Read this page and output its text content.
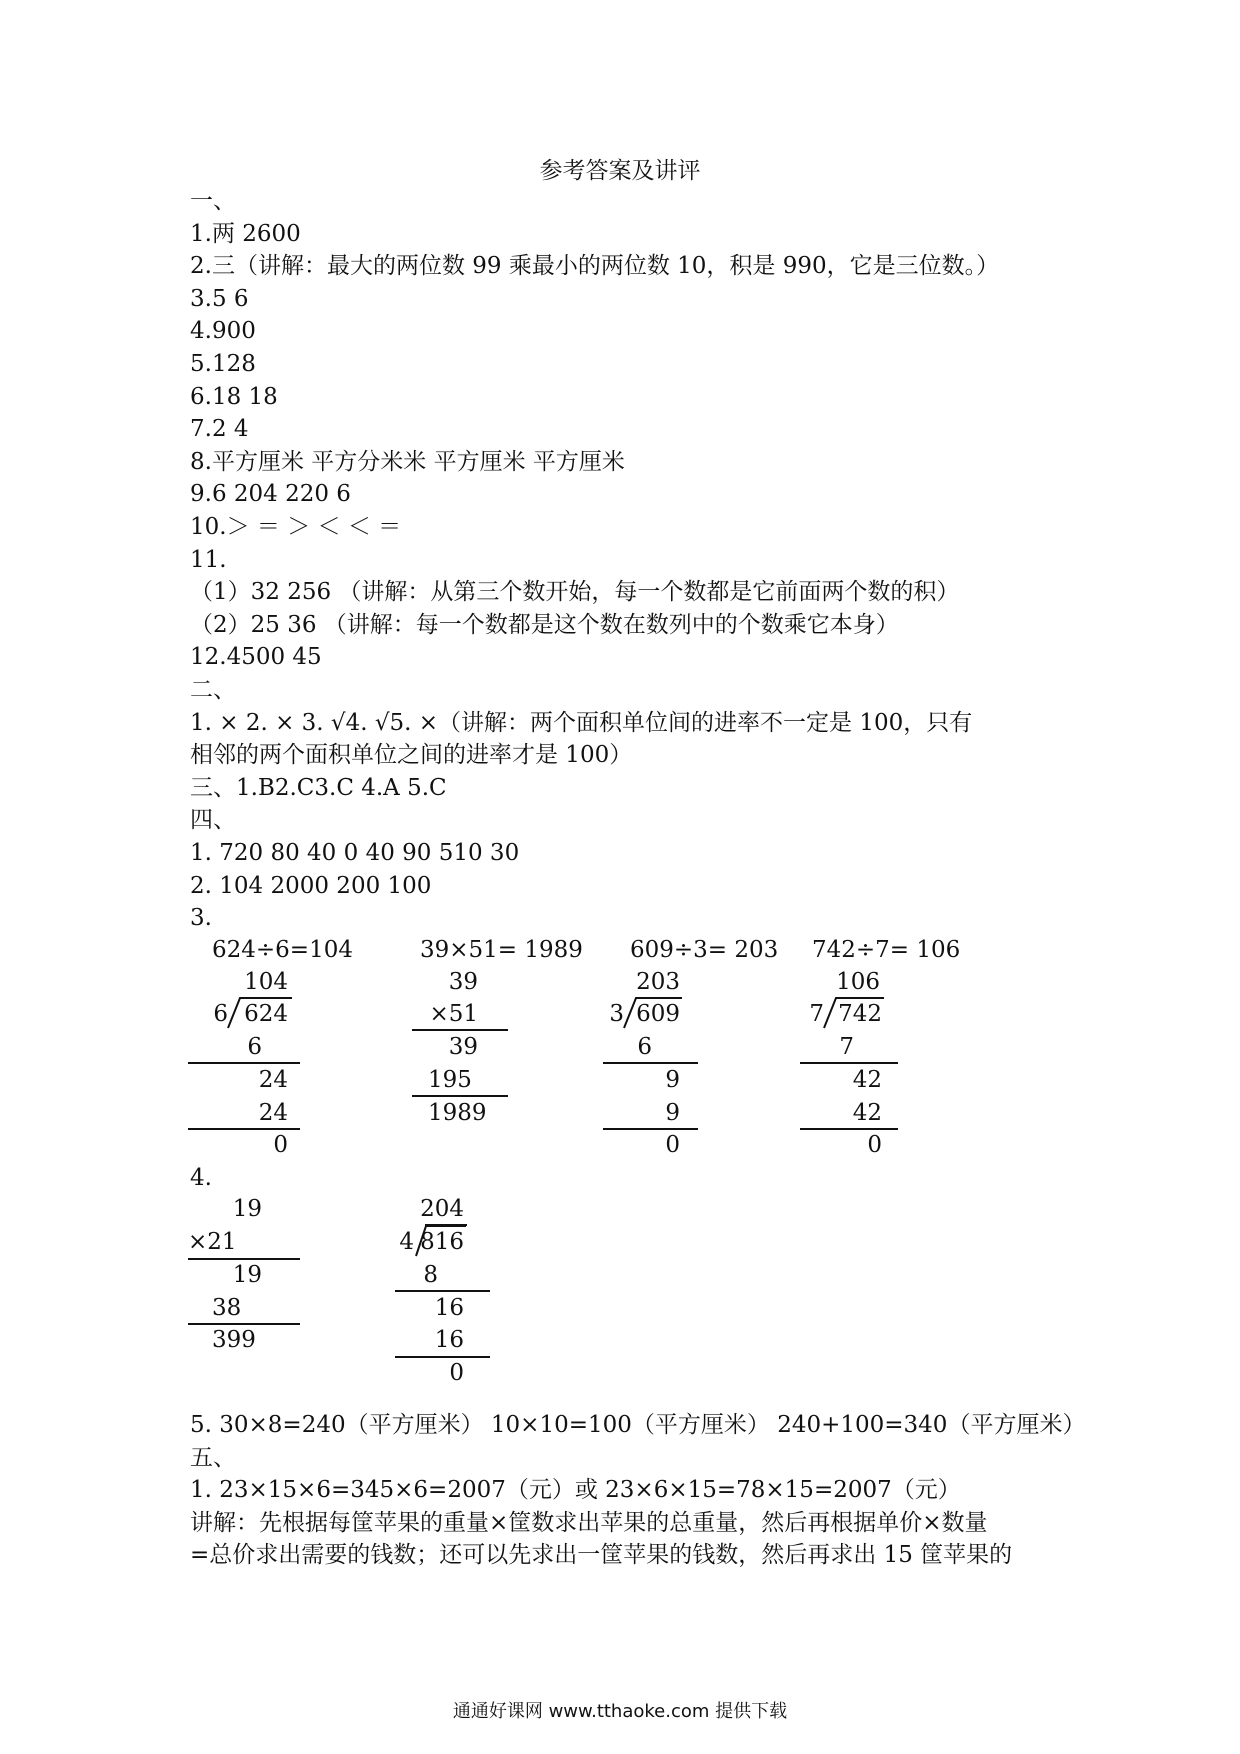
参考答案及讲评
一、
1.两 2600
2.三（讲解：最大的两位数 99 乘最小的两位数 10，积是 990，它是三位数。）
3.5 6
4.900
5.128
6.18 18
7.2 4
8.平方厘米 平方分米米 平方厘米 平方厘米
9.6 204 220 6
10.＞ ＝ ＞ ＜ ＜ ＝
11.
（1）32 256 （讲解：从第三个数开始，每一个数都是它前面两个数的积）
（2）25 36 （讲解：每一个数都是这个数在数列中的个数乘它本身）
12.4500 45
二、
1. × 2. × 3. √4. √5. ×（讲解：两个面积单位间的进率不一定是 100，只有
相邻的两个面积单位之间的进率才是 100）
三、1.B2.C3.C 4.A 5.C
四、
1. 720 80 40 0 40 90 510 30
2. 104 2000 200 100
3.
624÷6=104	39×51= 1989 609÷3= 203 742÷7= 106
104
6 624
6
24
24
0
39
×51
39
195
1989
203
3 609
6
9
9
0
106
7 742
7
42
42
0
4.
19
×21
19
38
399
204
4 816
8
16
16
0
5. 30×8=240（平方厘米） 10×10=100（平方厘米） 240+100=340（平方厘米）
五、
1. 23×15×6=345×6=2007（元）或 23×6×15=78×15=2007（元）
讲解：先根据每筐苹果的重量×筐数求出苹果的总重量，然后再根据单价×数量
=总价求出需要的钱数；还可以先求出一筐苹果的钱数，然后再求出 15 筐苹果的
通通好课网 www.tthaoke.com 提供下载
